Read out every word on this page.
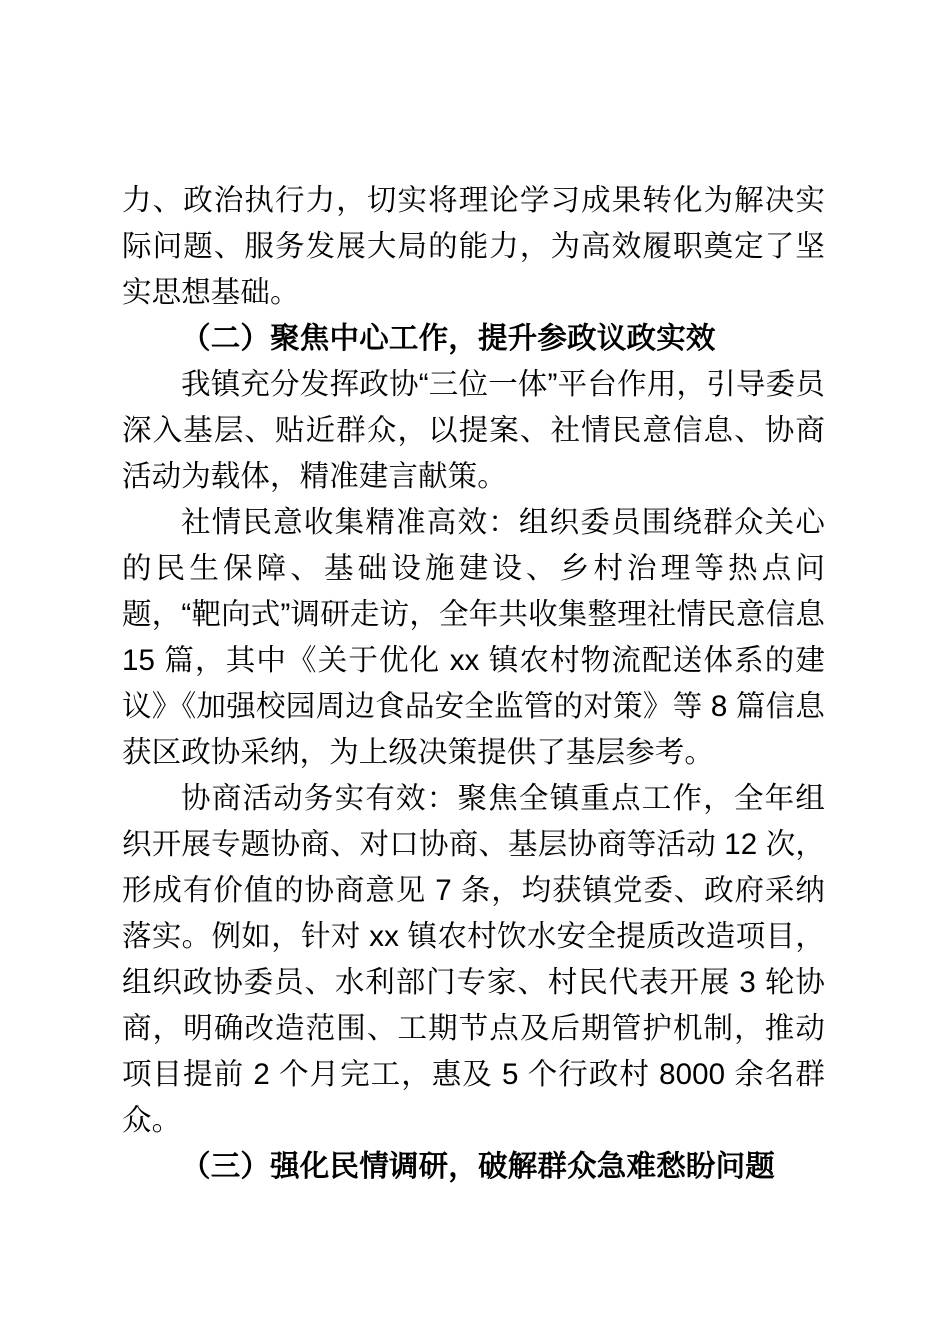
力、政治执行力，切实将理论学习成果转化为解决实际问题、服务发展大局的能力，为高效履职奠定了坚实思想基础。

（二）聚焦中心工作，提升参政议政实效

我镇充分发挥政协“三位一体”平台作用，引导委员深入基层、贴近群众，以提案、社情民意信息、协商活动为载体，精准建言献策。

社情民意收集精准高效：组织委员围绕群众关心的民生保障、基础设施建设、乡村治理等热点问题，“靶向式”调研走访，全年共收集整理社情民意信息 15 篇，其中《关于优化 xx 镇农村物流配送体系的建议》《加强校园周边食品安全监管的对策》等 8 篇信息获区政协采纳，为上级决策提供了基层参考。

协商活动务实有效：聚焦全镇重点工作，全年组织开展专题协商、对口协商、基层协商等活动 12 次，形成有价值的协商意见 7 条，均获镇党委、政府采纳落实。例如，针对 xx 镇农村饮水安全提质改造项目，组织政协委员、水利部门专家、村民代表开展 3 轮协商，明确改造范围、工期节点及后期管护机制，推动项目提前 2 个月完工，惠及 5 个行政村 8000 余名群众。

（三）强化民情调研，破解群众急难愁盼问题
